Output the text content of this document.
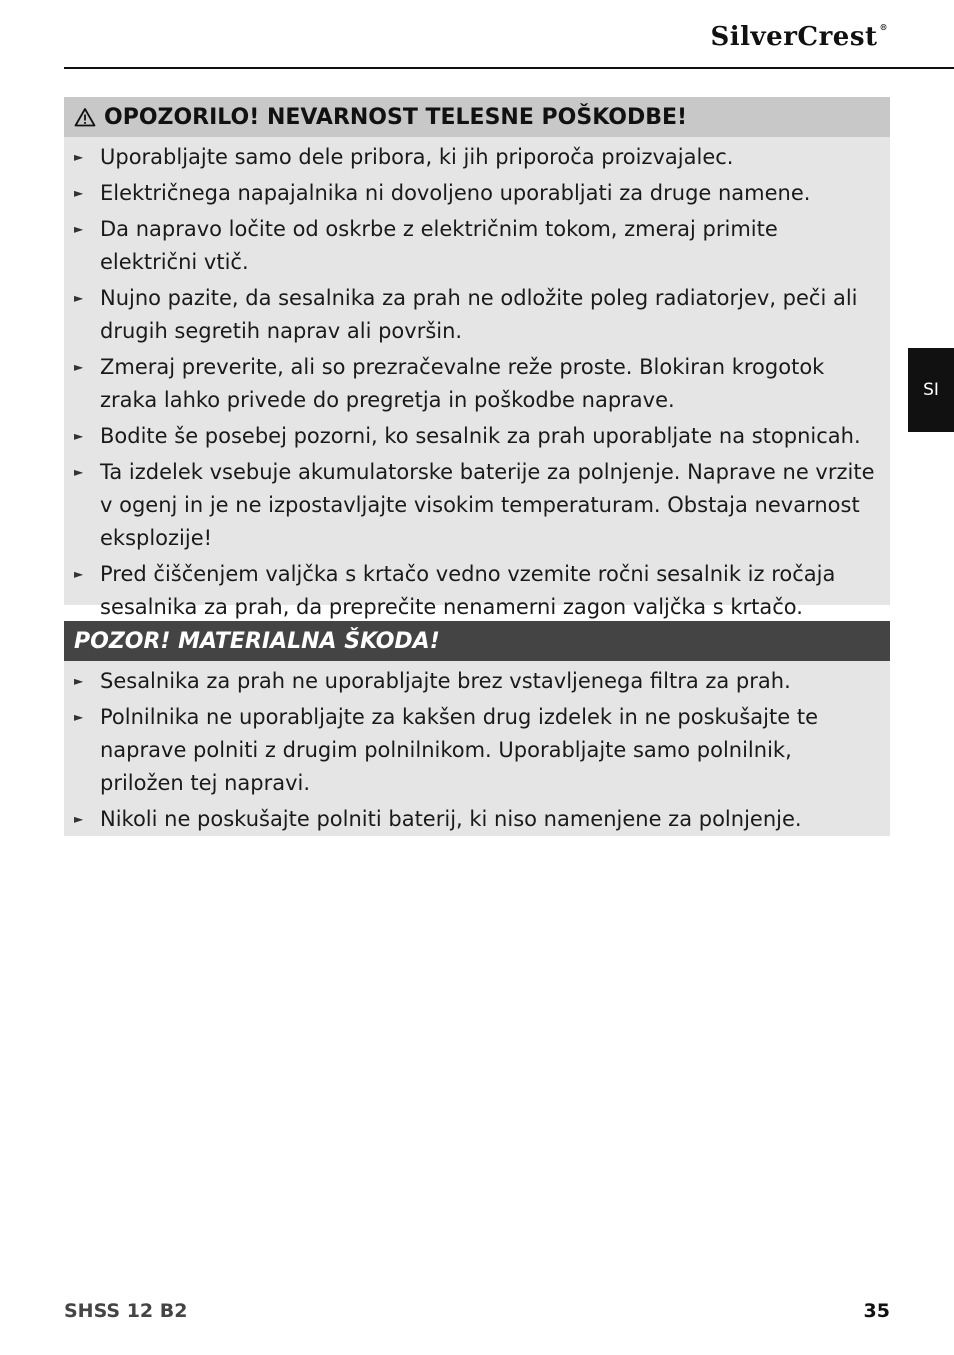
SilverCrest ®
SI
OPOZORILO! NEVARNOST TELESNE POŠKODBE!
► Uporabljajte samo dele pribora, ki jih priporoča proizvajalec.
► Električnega napajalnika ni dovoljeno uporabljati za druge namene.
► Da napravo ločite od oskrbe z električnim tokom, zmeraj primite električni vtič.
► Nujno pazite, da sesalnika za prah ne odložite poleg radiatorjev, peči ali drugih segretih naprav ali površin.
► Zmeraj preverite, ali so prezračevalne reže proste. Blokiran krogotok zraka lahko privede do pregretja in poškodbe naprave.
► Bodite še posebej pozorni, ko sesalnik za prah uporabljate na stopnicah.
► Ta izdelek vsebuje akumulatorske baterije za polnjenje. Naprave ne vrzite v ogenj in je ne izpostavljajte visokim temperaturam. Obstaja nevarnost eksplozije!
► Pred čiščenjem valjčka s krtačo vedno vzemite ročni sesalnik iz ročaja sesalnika za prah, da preprečite nenamerni zagon valjčka s krtačo.
POZOR! MATERIALNA ŠKODA!
► Sesalnika za prah ne uporabljajte brez vstavljenega filtra za prah.
► Polnilnika ne uporabljajte za kakšen drug izdelek in ne poskušajte te naprave polniti z drugim polnilnikom. Uporabljajte samo polnilnik, priložen tej napravi.
► Nikoli ne poskušajte polniti baterij, ki niso namenjene za polnjenje.
SHSS 12 B2	35
